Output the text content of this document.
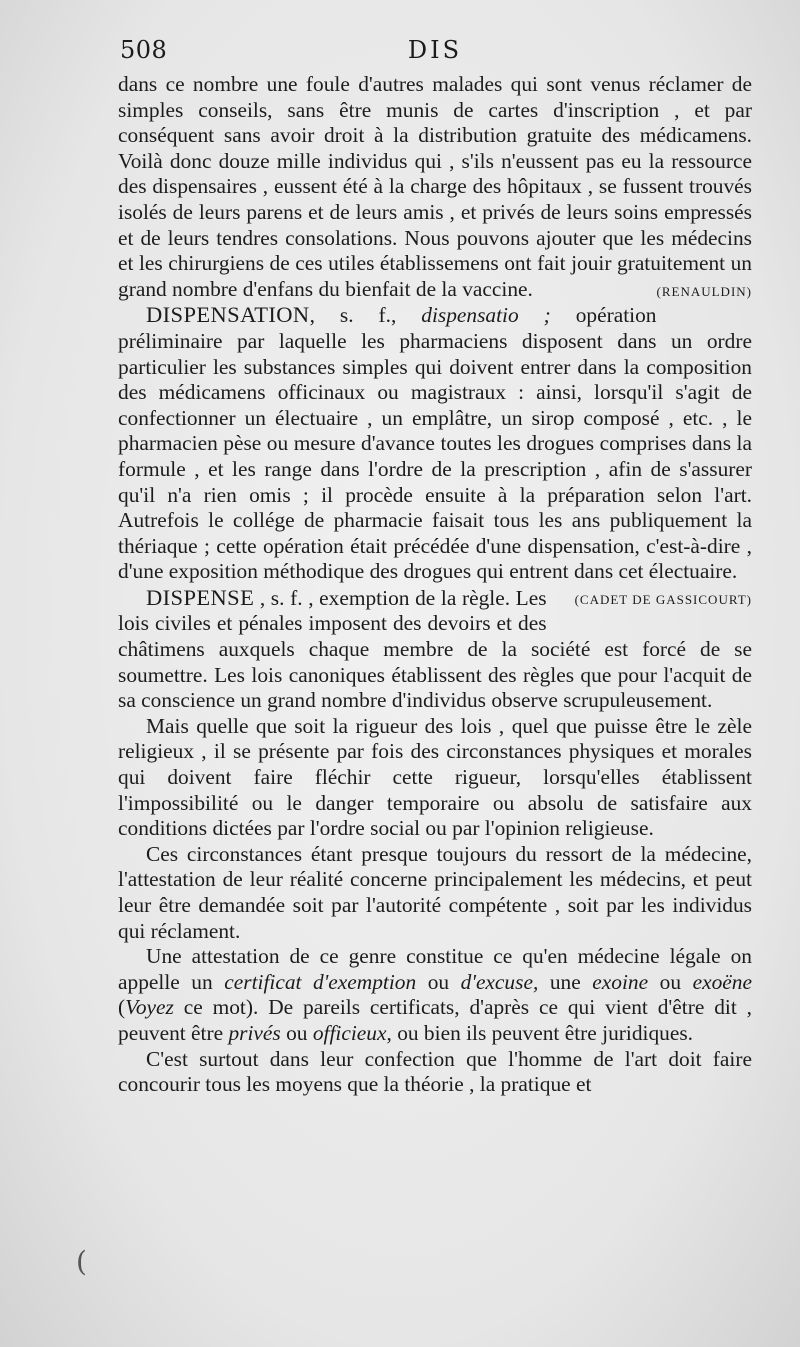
508	DIS

dans ce nombre une foule d'autres malades qui sont venus réclamer de simples conseils, sans être munis de cartes d'inscription , et par conséquent sans avoir droit à la distribution gratuite des médicamens. Voilà donc douze mille individus qui , s'ils n'eussent pas eu la ressource des dispensaires , eussent été à la charge des hôpitaux , se fussent trouvés isolés de leurs parens et de leurs amis , et privés de leurs soins empressés et de leurs tendres consolations. Nous pouvons ajouter que les médecins et les chirurgiens de ces utiles établissemens ont fait jouir gratuitement un grand nombre d'enfans du bienfait de la vaccine.	(RENAULDIN)

DISPENSATION, s. f., dispensatio ; opération préliminaire par laquelle les pharmaciens disposent dans un ordre particulier les substances simples qui doivent entrer dans la composition des médicamens officinaux ou magistraux : ainsi, lorsqu'il s'agit de confectionner un électuaire , un emplâtre, un sirop composé , etc. , le pharmacien pèse ou mesure d'avance toutes les drogues comprises dans la formule , et les range dans l'ordre de la prescription , afin de s'assurer qu'il n'a rien omis ; il procède ensuite à la préparation selon l'art. Autrefois le collége de pharmacie faisait tous les ans publiquement la thériaque ; cette opération était précédée d'une dispensation, c'est-à-dire , d'une exposition méthodique des drogues qui entrent dans cet électuaire.
(CADET DE GASSICOURT)

DISPENSE , s. f. , exemption de la règle. Les lois civiles et pénales imposent des devoirs et des châtimens auxquels chaque membre de la société est forcé de se soumettre. Les lois canoniques établissent des règles que pour l'acquit de sa conscience un grand nombre d'individus observe scrupuleusement.

Mais quelle que soit la rigueur des lois , quel que puisse être le zèle religieux , il se présente par fois des circonstances physiques et morales qui doivent faire fléchir cette rigueur, lorsqu'elles établissent l'impossibilité ou le danger temporaire ou absolu de satisfaire aux conditions dictées par l'ordre social ou par l'opinion religieuse.

Ces circonstances étant presque toujours du ressort de la médecine, l'attestation de leur réalité concerne principalement les médecins, et peut leur être demandée soit par l'autorité compétente , soit par les individus qui réclament.

Une attestation de ce genre constitue ce qu'en médecine légale on appelle un certificat d'exemption ou d'excuse, une exoine ou exoëne (Voyez ce mot). De pareils certificats, d'après ce qui vient d'être dit , peuvent être privés ou officieux, ou bien ils peuvent être juridiques.

C'est surtout dans leur confection que l'homme de l'art doit faire concourir tous les moyens que la théorie , la pratique et

(
